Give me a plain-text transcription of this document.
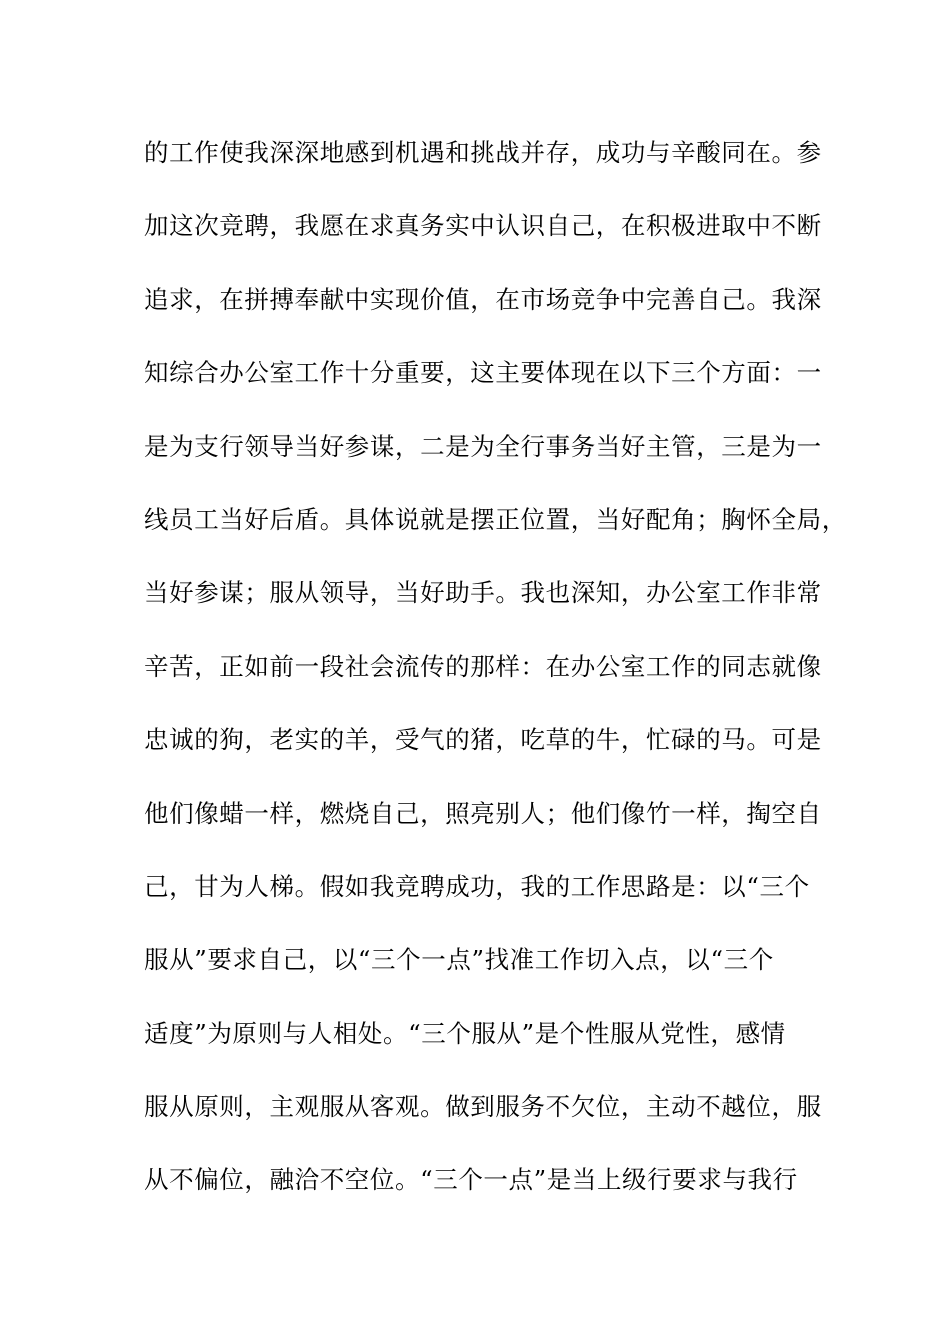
的工作使我深深地感到机遇和挑战并存，成功与辛酸同在。参
加这次竞聘，我愿在求真务实中认识自己，在积极进取中不断
追求，在拼搏奉献中实现价值，在市场竞争中完善自己。我深
知综合办公室工作十分重要，这主要体现在以下三个方面：一
是为支行领导当好参谋，二是为全行事务当好主管，三是为一
线员工当好后盾。具体说就是摆正位置，当好配角；胸怀全局，
当好参谋；服从领导，当好助手。我也深知，办公室工作非常
辛苦，正如前一段社会流传的那样：在办公室工作的同志就像
忠诚的狗，老实的羊，受气的猪，吃草的牛，忙碌的马。可是
他们像蜡一样，燃烧自己，照亮别人；他们像竹一样，掏空自
己，甘为人梯。假如我竞聘成功，我的工作思路是：以“三个
服从”要求自己，以“三个一点”找准工作切入点，以“三个
适度”为原则与人相处。“三个服从”是个性服从党性，感情
服从原则，主观服从客观。做到服务不欠位，主动不越位，服
从不偏位，融洽不空位。“三个一点”是当上级行要求与我行
